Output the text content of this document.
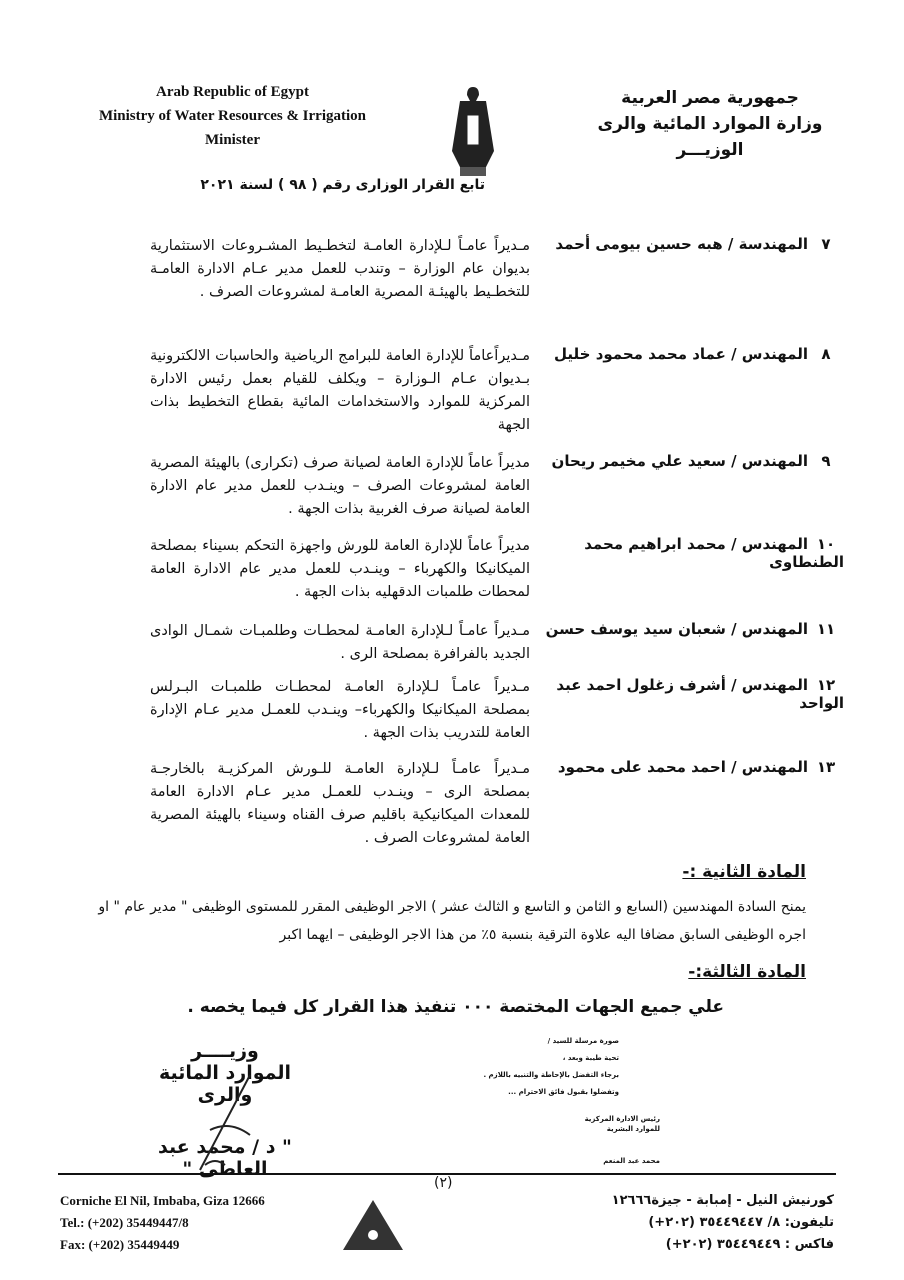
Arab Republic of Egypt
Ministry of Water Resources & Irrigation
Minister
جمهورية مصر العربية
وزارة الموارد المائية والرى
الوزيـــر
تابع القرار الوزارى رقم ( ٩٨ ) لسنة ٢٠٢١
٧المهندسة / هبه حسين بيومى أحمد
مـديراً عامـاً لـلإدارة العامـة لتخطـيط المشـروعات الاستثمارية بديوان عام الوزارة – وتندب للعمل مدير عـام الادارة العامـة للتخطـيط بالهيئـة المصرية العامـة لمشروعات الصرف .
٨المهندس / عماد محمد محمود خليل
مـديراًعاماً للإدارة العامة للبرامج الرياضية والحاسبات الالكترونية بـديوان عـام الـوزارة – ويكلف للقيام بعمل رئيس الادارة المركزية للموارد والاستخدامات المائية بقطاع التخطيط بذات الجهة
٩المهندس / سعيد علي مخيمر ريحان
مديراً عاماً للإدارة العامة لصيانة صرف (تكرارى) بالهيئة المصرية العامة لمشروعات الصرف – وينـدب للعمل مدير عام الادارة العامة لصيانة صرف الغربية بذات الجهة .
١٠المهندس / محمد ابراهيم محمد الطنطاوى
مديراً عاماً للإدارة العامة للورش واجهزة التحكم بسيناء بمصلحة الميكانيكا والكهرباء – وينـدب للعمل مدير عام الادارة العامة لمحطات طلمبات الدقهليه بذات الجهة .
١١المهندس / شعبان سيد يوسف حسن
مـديراً عامـاً لـلإدارة العامـة لمحطـات وطلمبـات شمـال الوادى الجديد بالفرافرة بمصلحة الرى .
١٢المهندس / أشرف زغلول احمد عبد الواحد
مـديراً عامـاً لـلإدارة العامـة لمحطـات طلمبـات البـرلس بمصلحة الميكانيكا والكهرباء– وينـدب للعمـل مدير عـام الإدارة العامة للتدريب بذات الجهة .
١٣المهندس / احمد محمد على محمود
مـديراً عامـاً لـلإدارة العامـة للـورش المركزيـة بالخارجـة بمصلحة الرى – وينـدب للعمـل مدير عـام الادارة العامة للمعدات الميكانيكية باقليم صرف القناه وسيناء بالهيئة المصرية العامة لمشروعات الصرف .
المادة الثانية :-
يمنح السادة المهندسين (السابع و الثامن و التاسع و الثالث عشر ) الاجر الوظيفى المقرر للمستوى الوظيفى " مدير عام " او اجره الوظيفى السابق مضافا اليه علاوة الترقية بنسبة ٥٪ من هذا الاجر الوظيفى – ايهما اكبر
المادة الثالثة:-
علي جميع الجهات المختصة ٠٠٠ تنفيذ هذا القرار كل فيما يخصه .
وزيــــر
الموارد المائية والرى
" د / محمد عبد العاطى "
صورة مرسلة للسيد /
تحية طيبة وبعد ،
برجاء التفضل بالإحاطة والتنبيه باللازم .
وتفضلوا بقبول فائق الاحترام ...
رئيس الادارة المركزية
للموارد البشرية
محمد عبد المنعم
(٢)
Corniche El Nil, Imbaba, Giza 12666
Tel.: (+202) 35449447/8
Fax: (+202) 35449449
كورنيش النيل - إمبابة - جيزة١٢٦٦٦
تليفون: ٨/ ٣٥٤٤٩٤٤٧ (٢٠٢+)
فاكس : ٣٥٤٤٩٤٤٩ (٢٠٢+)
